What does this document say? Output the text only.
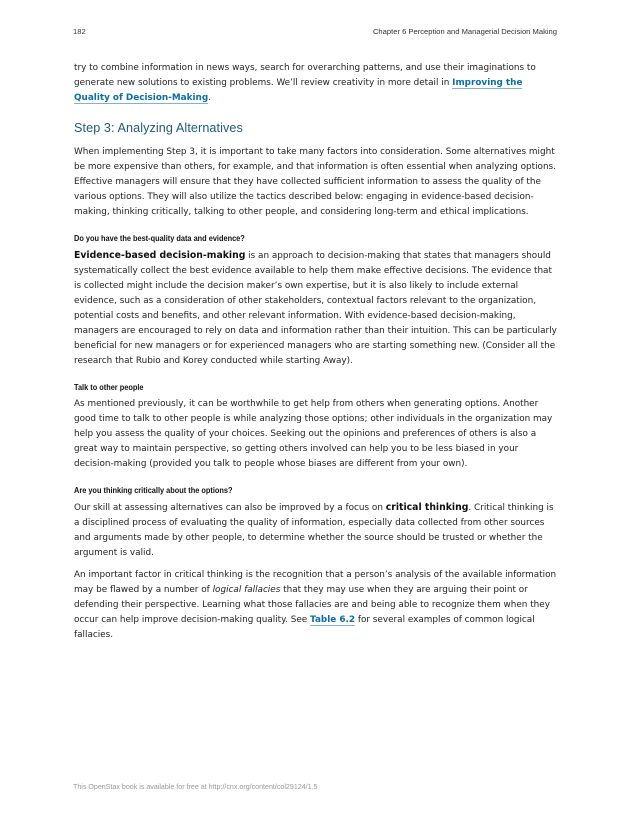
182	Chapter 6 Perception and Managerial Decision Making

try to combine information in news ways, search for overarching patterns, and use their imaginations to generate new solutions to existing problems. We’ll review creativity in more detail in Improving the Quality of Decision-Making.

Step 3: Analyzing Alternatives

When implementing Step 3, it is important to take many factors into consideration. Some alternatives might be more expensive than others, for example, and that information is often essential when analyzing options. Effective managers will ensure that they have collected sufficient information to assess the quality of the various options. They will also utilize the tactics described below: engaging in evidence-based decision-making, thinking critically, talking to other people, and considering long-term and ethical implications.

Do you have the best-quality data and evidence?

Evidence-based decision-making is an approach to decision-making that states that managers should systematically collect the best evidence available to help them make effective decisions. The evidence that is collected might include the decision maker’s own expertise, but it is also likely to include external evidence, such as a consideration of other stakeholders, contextual factors relevant to the organization, potential costs and benefits, and other relevant information. With evidence-based decision-making, managers are encouraged to rely on data and information rather than their intuition. This can be particularly beneficial for new managers or for experienced managers who are starting something new. (Consider all the research that Rubio and Korey conducted while starting Away).

Talk to other people

As mentioned previously, it can be worthwhile to get help from others when generating options. Another good time to talk to other people is while analyzing those options; other individuals in the organization may help you assess the quality of your choices. Seeking out the opinions and preferences of others is also a great way to maintain perspective, so getting others involved can help you to be less biased in your decision-making (provided you talk to people whose biases are different from your own).

Are you thinking critically about the options?

Our skill at assessing alternatives can also be improved by a focus on critical thinking. Critical thinking is a disciplined process of evaluating the quality of information, especially data collected from other sources and arguments made by other people, to determine whether the source should be trusted or whether the argument is valid.

An important factor in critical thinking is the recognition that a person’s analysis of the available information may be flawed by a number of logical fallacies that they may use when they are arguing their point or defending their perspective. Learning what those fallacies are and being able to recognize them when they occur can help improve decision-making quality. See Table 6.2 for several examples of common logical fallacies.

This OpenStax book is available for free at http://cnx.org/content/col29124/1.5
